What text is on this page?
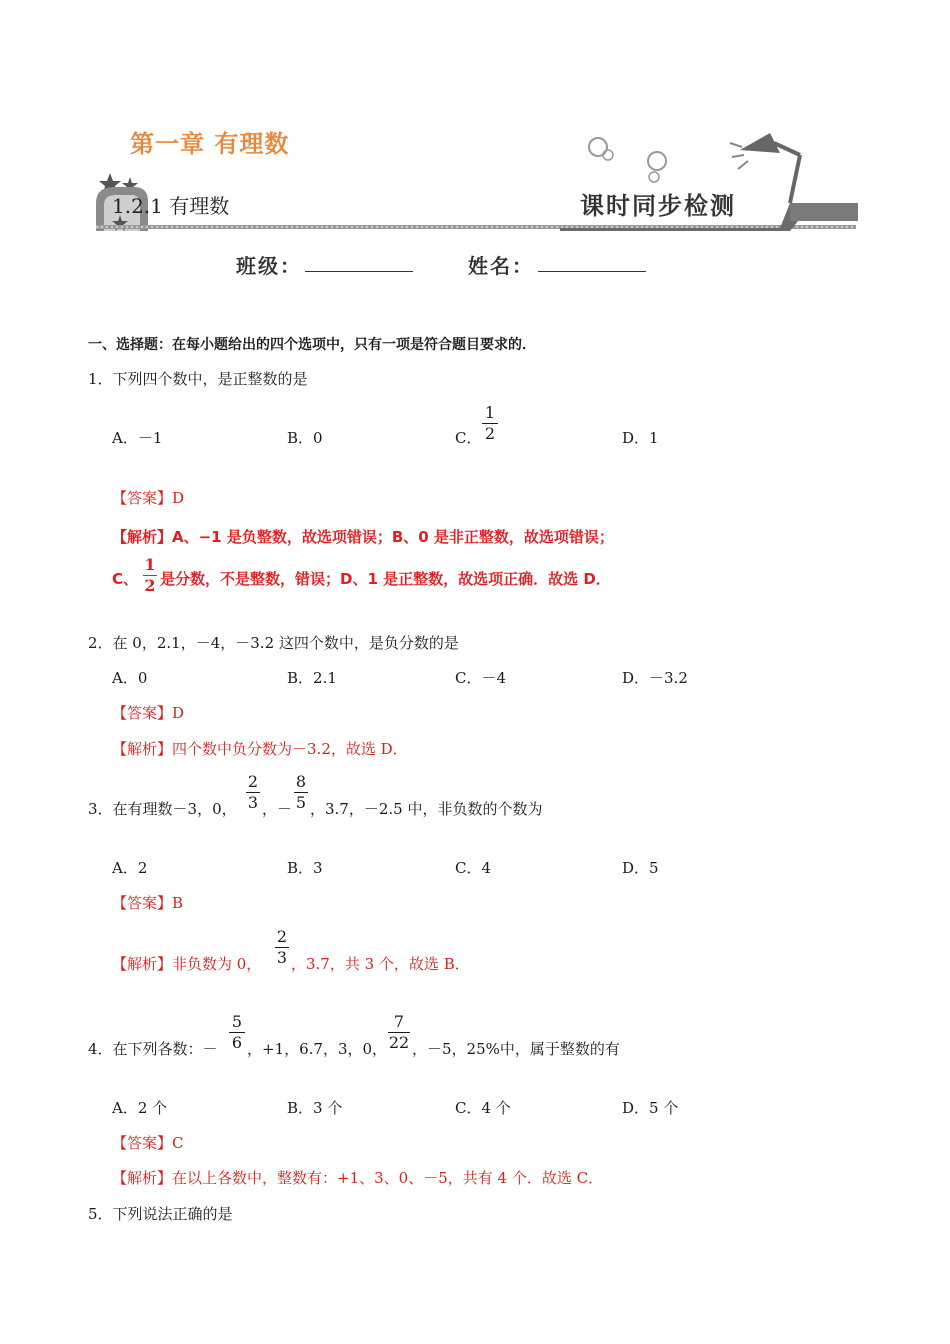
第一章 有理数
1.2.1 有理数	课时同步检测
班级：	姓名：
一、选择题：在每小题给出的四个选项中，只有一项是符合题目要求的．
1．下列四个数中，是正整数的是
A．－1	B．0	C．
1
2	D．1
【答案】D
【解析】A、−1 是负整数，故选项错误；B、0 是非正整数，故选项错误；
C、
1
2 是分数，不是整数，错误；D、1 是正整数，故选项正确．故选 D．
2．在 0，2.1，－4，－3.2 这四个数中，是负分数的是
A．0	B．2.1	C．－4	D．－3.2
【答案】D
【解析】四个数中负分数为－3.2，故选 D．
3．在有理数－3，0，
2
3 ，－
8
5 ，3.7，－2.5 中，非负数的个数为
A．2	B．3	C．4	D．5
【答案】B
【解析】非负数为 0，
2
3 ，3.7，共 3 个，故选 B．
4．在下列各数：－
5
6 ，+1，6.7，3，0，
7
22 ，－5，25%中，属于整数的有
A．2 个	B．3 个	C．4 个	D．5 个
【答案】C
【解析】在以上各数中，整数有：+1、3、0、－5，共有 4 个．故选 C．
5．下列说法正确的是
